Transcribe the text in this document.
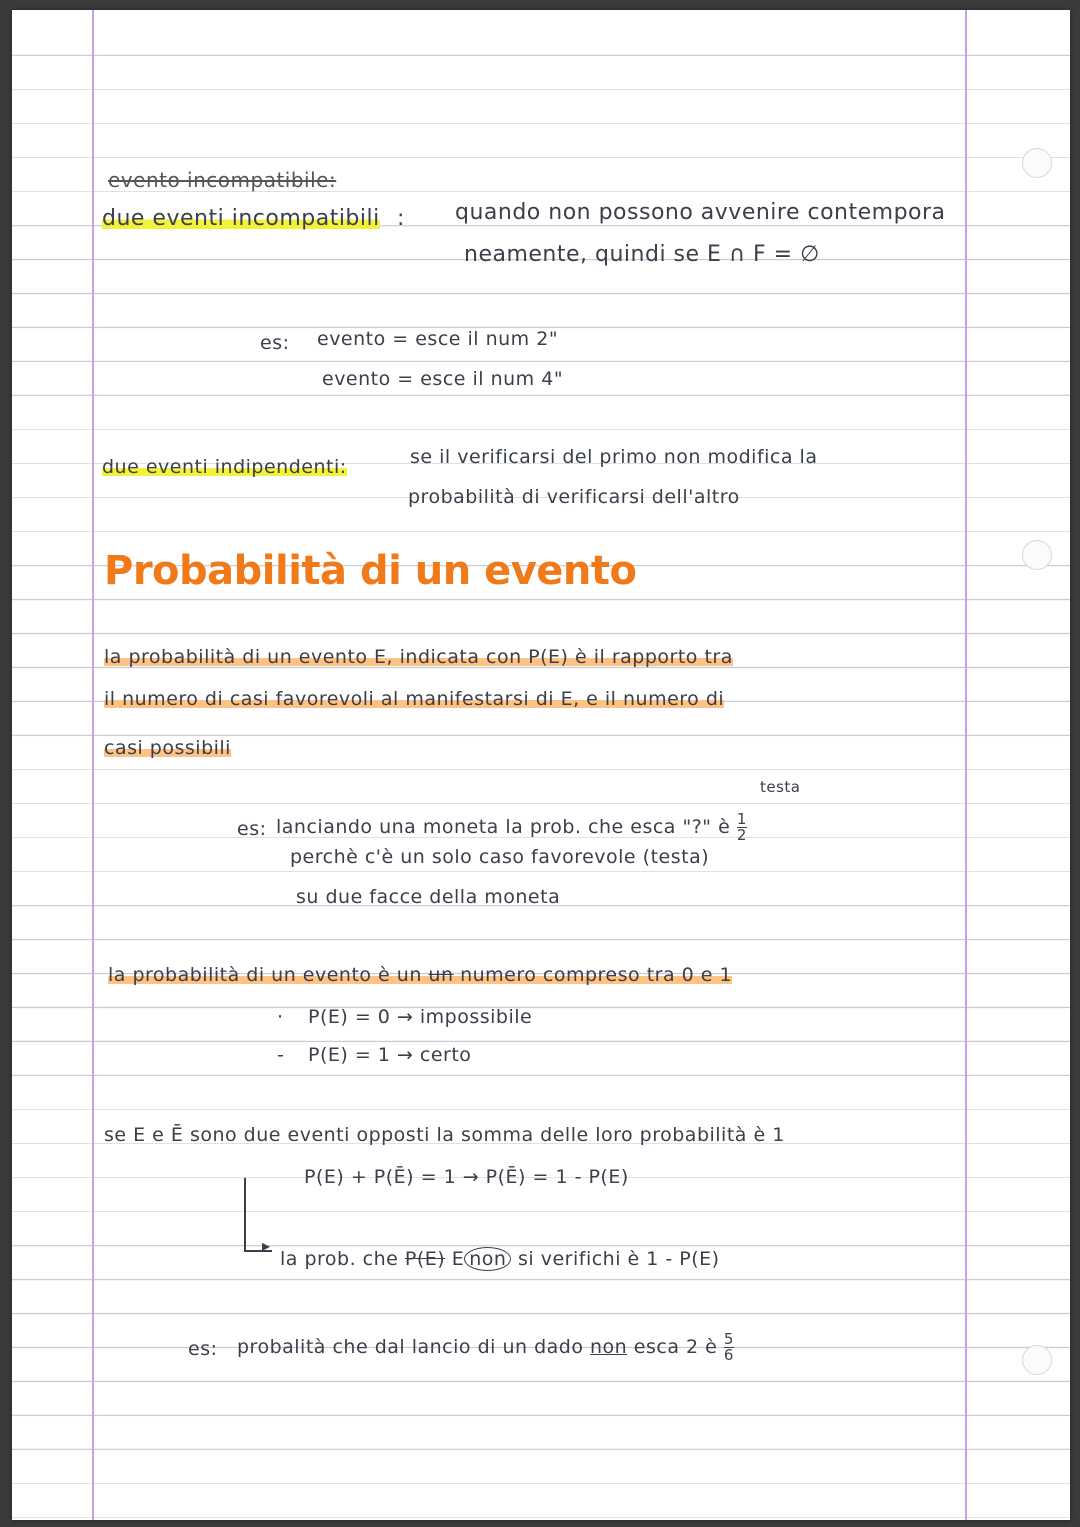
evento incompatibile:
due eventi incompatibili : quando non possono avvenire contempora
neamente, quindi se E ∩ F = ∅
es: evento = esce il num 2"
evento = esce il num 4"
due eventi indipendenti:	se il verificarsi del primo non modifica la
probabilità di verificarsi dell'altro
Probabilità di un evento
la probabilità di un evento E, indicata con P(E) è il rapporto tra
il numero di casi favorevoli al manifestarsi di E, e il numero di
casi possibili
testa
es: lanciando una moneta la prob. che esca "?" è $\frac{1}{2}$
perchè c'è un solo caso favorevole (testa)
su due facce della moneta
la probabilità di un evento è un un numero compreso tra 0 e 1
· P(E) = 0 → impossibile
- P(E) = 1 → certo
se E e Ē sono due eventi opposti la somma delle loro probabilità è 1
P(E) + P(Ē) = 1 → P(Ē) = 1 - P(E)
▸
la prob. che P(E) E non si verifichi è 1 - P(E)
es: probalità che dal lancio di un dado non esca 2 è $\frac{5}{6}$
